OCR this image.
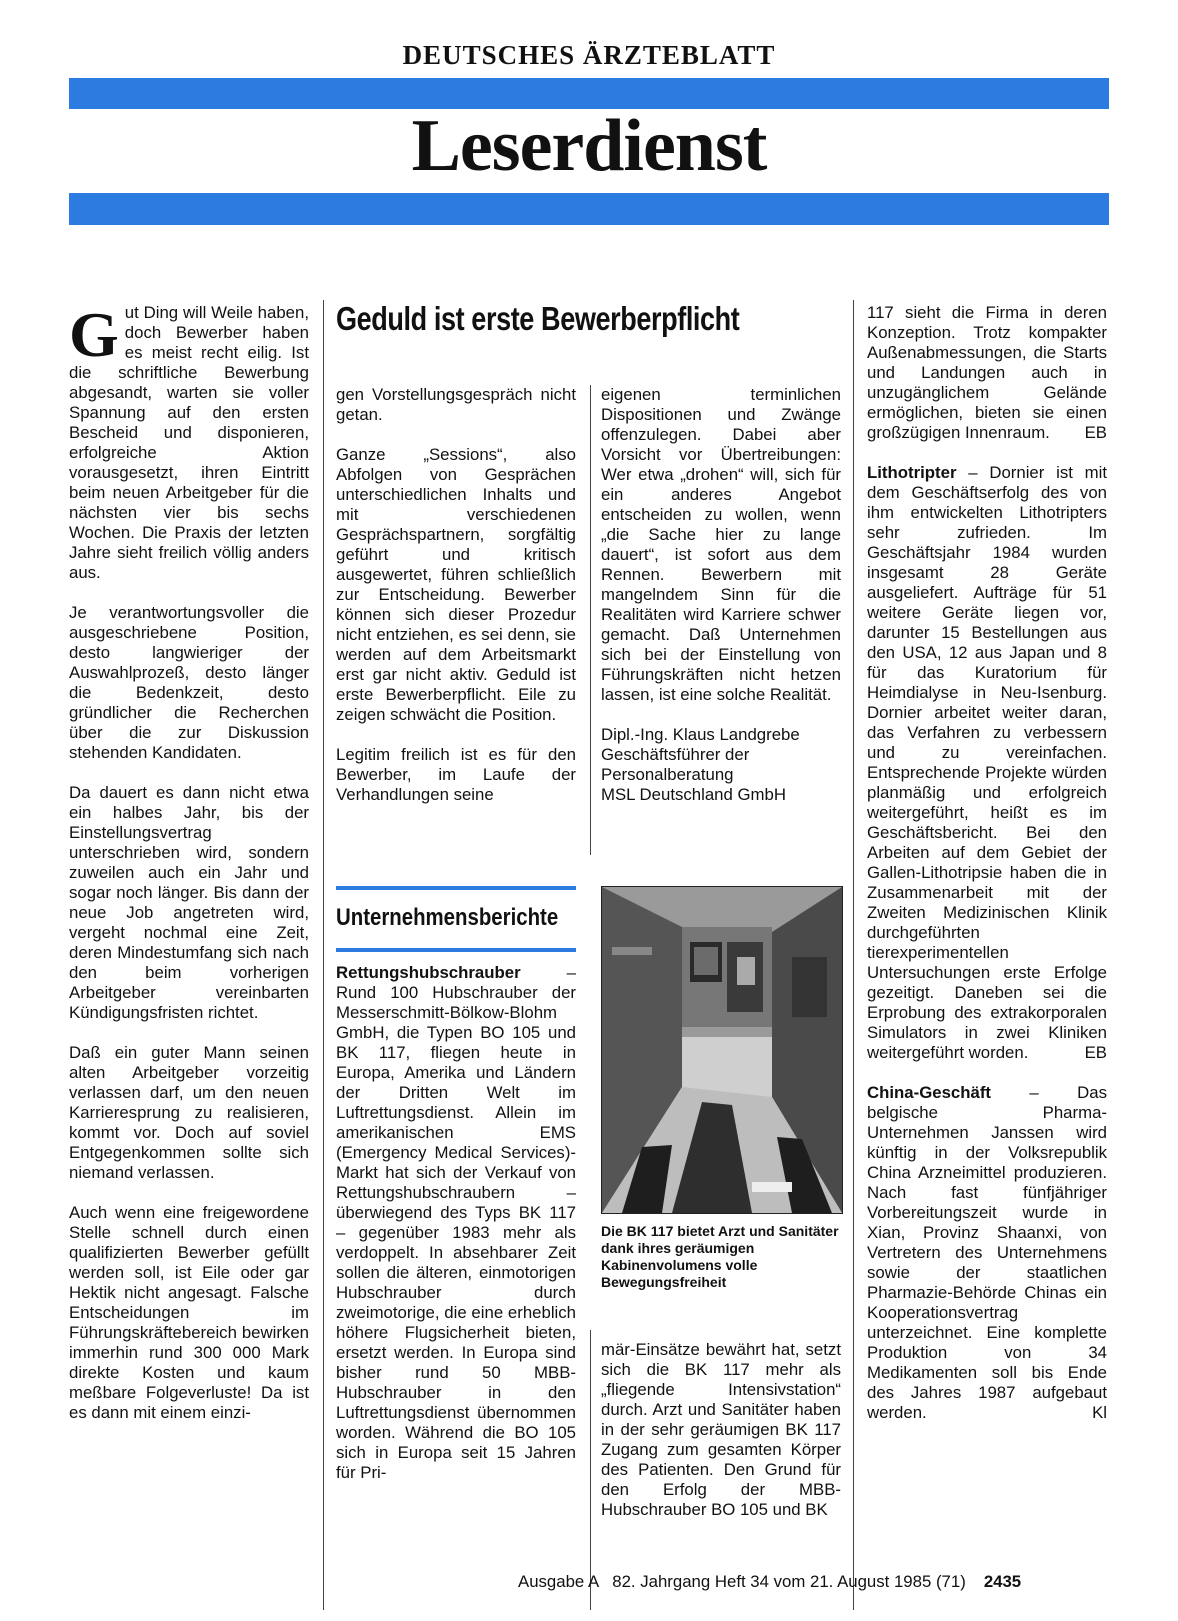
DEUTSCHES ÄRZTEBLATT
Leserdienst

Gut Ding will Weile haben, doch Bewerber haben es meist recht eilig. Ist die schriftliche Bewerbung abgesandt, warten sie voller Spannung auf den ersten Bescheid und disponieren, erfolgreiche Aktion vorausgesetzt, ihren Eintritt beim neuen Arbeitgeber für die nächsten vier bis sechs Wochen. Die Praxis der letzten Jahre sieht freilich völlig anders aus.

Je verantwortungsvoller die ausgeschriebene Position, desto langwieriger der Auswahlprozeß, desto länger die Bedenkzeit, desto gründlicher die Recherchen über die zur Diskussion stehenden Kandidaten.

Da dauert es dann nicht etwa ein halbes Jahr, bis der Einstellungsvertrag unterschrieben wird, sondern zuweilen auch ein Jahr und sogar noch länger. Bis dann der neue Job angetreten wird, vergeht nochmal eine Zeit, deren Mindestumfang sich nach den beim vorherigen Arbeitgeber vereinbarten Kündigungsfristen richtet.

Daß ein guter Mann seinen alten Arbeitgeber vorzeitig verlassen darf, um den neuen Karrieresprung zu realisieren, kommt vor. Doch auf soviel Entgegenkommen sollte sich niemand verlassen.

Auch wenn eine freigewordene Stelle schnell durch einen qualifizierten Bewerber gefüllt werden soll, ist Eile oder gar Hektik nicht angesagt. Falsche Entscheidungen im Führungskräftebereich bewirken immerhin rund 300 000 Mark direkte Kosten und kaum meßbare Folgeverluste! Da ist es dann mit einem einzi-

Geduld ist erste Bewerberpflicht

gen Vorstellungsgespräch nicht getan.

Ganze „Sessions“, also Abfolgen von Gesprächen unterschiedlichen Inhalts und mit verschiedenen Gesprächspartnern, sorgfältig geführt und kritisch ausgewertet, führen schließlich zur Entscheidung. Bewerber können sich dieser Prozedur nicht entziehen, es sei denn, sie werden auf dem Arbeitsmarkt erst gar nicht aktiv. Geduld ist erste Bewerberpflicht. Eile zu zeigen schwächt die Position.

Legitim freilich ist es für den Bewerber, im Laufe der Verhandlungen seine

eigenen terminlichen Dispositionen und Zwänge offenzulegen. Dabei aber Vorsicht vor Übertreibungen: Wer etwa „drohen“ will, sich für ein anderes Angebot entscheiden zu wollen, wenn „die Sache hier zu lange dauert“, ist sofort aus dem Rennen. Bewerbern mit mangelndem Sinn für die Realitäten wird Karriere schwer gemacht. Daß Unternehmen sich bei der Einstellung von Führungskräften nicht hetzen lassen, ist eine solche Realität.

Dipl.-Ing. Klaus Landgrebe

Geschäftsführer der

Personalberatung

MSL Deutschland GmbH

Unternehmensberichte

Rettungshubschrauber – Rund 100 Hubschrauber der Messerschmitt-Bölkow-Blohm GmbH, die Typen BO 105 und BK 117, fliegen heute in Europa, Amerika und Ländern der Dritten Welt im Luftrettungsdienst. Allein im amerikanischen EMS (Emergency Medical Services)-Markt hat sich der Verkauf von Rettungshubschraubern – überwiegend des Typs BK 117 – gegenüber 1983 mehr als verdoppelt. In absehbarer Zeit sollen die älteren, einmotorigen Hubschrauber durch zweimotorige, die eine erheblich höhere Flugsicherheit bieten, ersetzt werden. In Europa sind bisher rund 50 MBB-Hubschrauber in den Luftrettungsdienst übernommen worden. Während die BO 105 sich in Europa seit 15 Jahren für Pri-

Die BK 117 bietet Arzt und Sanitäter dank ihres geräumigen Kabinenvolumens volle Bewegungsfreiheit

mär-Einsätze bewährt hat, setzt sich die BK 117 mehr als „fliegende Intensivstation“ durch. Arzt und Sanitäter haben in der sehr geräumigen BK 117 Zugang zum gesamten Körper des Patienten. Den Grund für den Erfolg der MBB-Hubschrauber BO 105 und BK

117 sieht die Firma in deren Konzeption. Trotz kompakter Außenabmessungen, die Starts und Landungen auch in unzugänglichem Gelände ermöglichen, bieten sie einen großzügigen Innenraum. EB

Lithotripter – Dornier ist mit dem Geschäftserfolg des von ihm entwickelten Lithotripters sehr zufrieden. Im Geschäftsjahr 1984 wurden insgesamt 28 Geräte ausgeliefert. Aufträge für 51 weitere Geräte liegen vor, darunter 15 Bestellungen aus den USA, 12 aus Japan und 8 für das Kuratorium für Heimdialyse in Neu-Isenburg. Dornier arbeitet weiter daran, das Verfahren zu verbessern und zu vereinfachen. Entsprechende Projekte würden planmäßig und erfolgreich weitergeführt, heißt es im Geschäftsbericht. Bei den Arbeiten auf dem Gebiet der Gallen-Lithotripsie haben die in Zusammenarbeit mit der Zweiten Medizinischen Klinik durchgeführten tierexperimentellen Untersuchungen erste Erfolge gezeitigt. Daneben sei die Erprobung des extrakorporalen Simulators in zwei Kliniken weitergeführt worden.	EB

China-Geschäft – Das belgische Pharma-Unternehmen Janssen wird künftig in der Volksrepublik China Arzneimittel produzieren. Nach fast fünfjähriger Vorbereitungszeit wurde in Xian, Provinz Shaanxi, von Vertretern des Unternehmens sowie der staatlichen Pharmazie-Behörde Chinas ein Kooperationsvertrag unterzeichnet. Eine komplette Produktion von 34 Medikamenten soll bis Ende des Jahres 1987 aufgebaut werden.	Kl

Ausgabe A   82. Jahrgang Heft 34 vom 21. August 1985 (71) 2435
